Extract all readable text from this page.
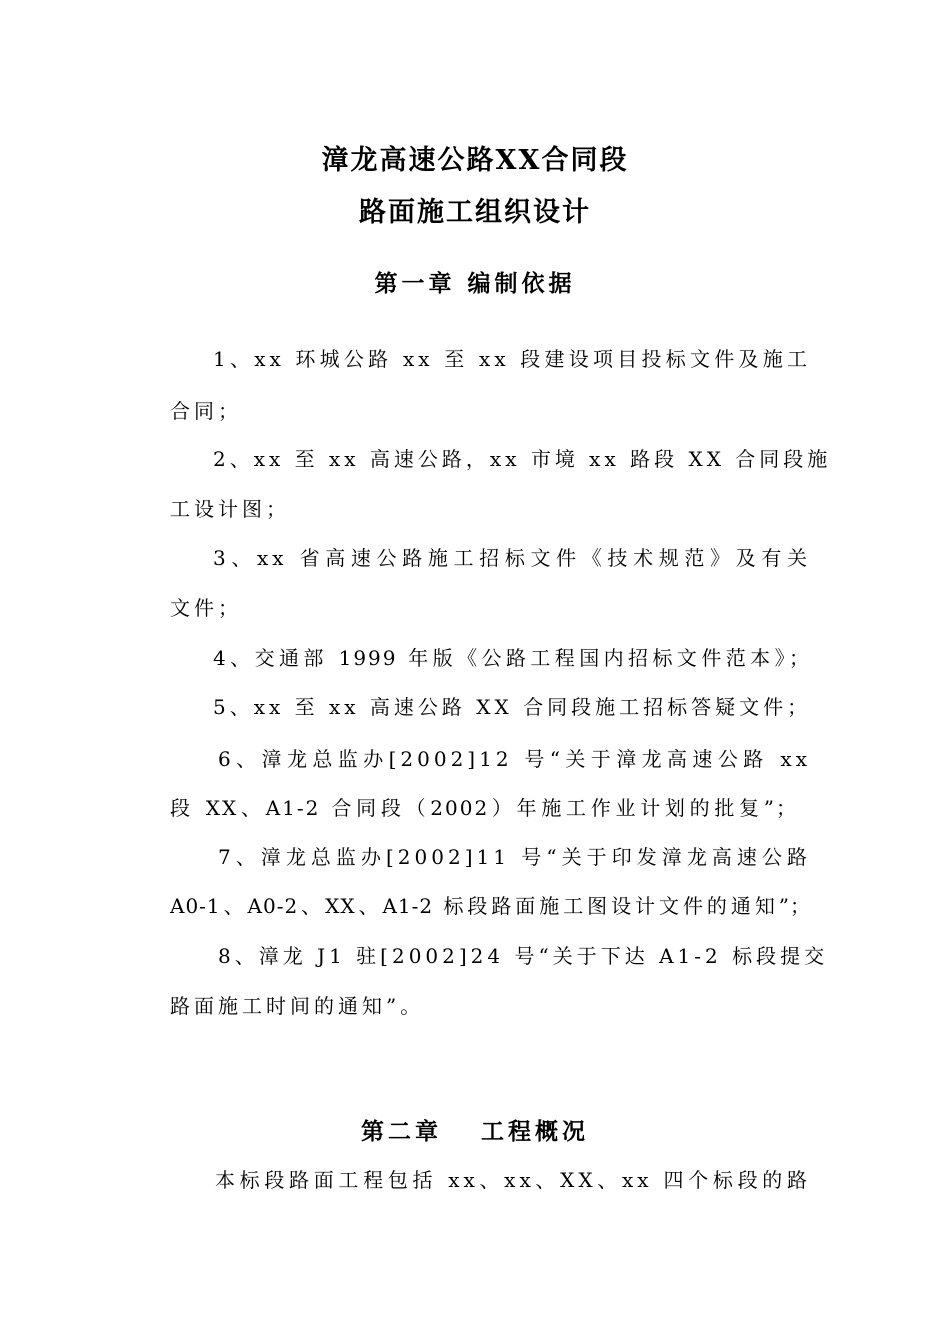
漳龙高速公路XX合同段
路面施工组织设计
第一章 编制依据
1、xx 环城公路 xx 至 xx 段建设项目投标文件及施工
合同；
2、xx 至 xx 高速公路，xx 市境 xx 路段 XX 合同段施
工设计图；
3、xx 省高速公路施工招标文件《技术规范》及有关
文件；
4、交通部 1999 年版《公路工程国内招标文件范本》；
5、xx 至 xx 高速公路 XX 合同段施工招标答疑文件；
6、漳龙总监办[2002]12 号“关于漳龙高速公路 xx
段 XX、A1-2 合同段（2002）年施工作业计划的批复”；
7、漳龙总监办[2002]11 号“关于印发漳龙高速公路
A0-1、A0-2、XX、A1-2 标段路面施工图设计文件的通知”；
8、漳龙 J1 驻[2002]24 号“关于下达 A1-2 标段提交
路面施工时间的通知”。
第二章　 工程概况
本标段路面工程包括 xx、xx、XX、xx 四个标段的路
